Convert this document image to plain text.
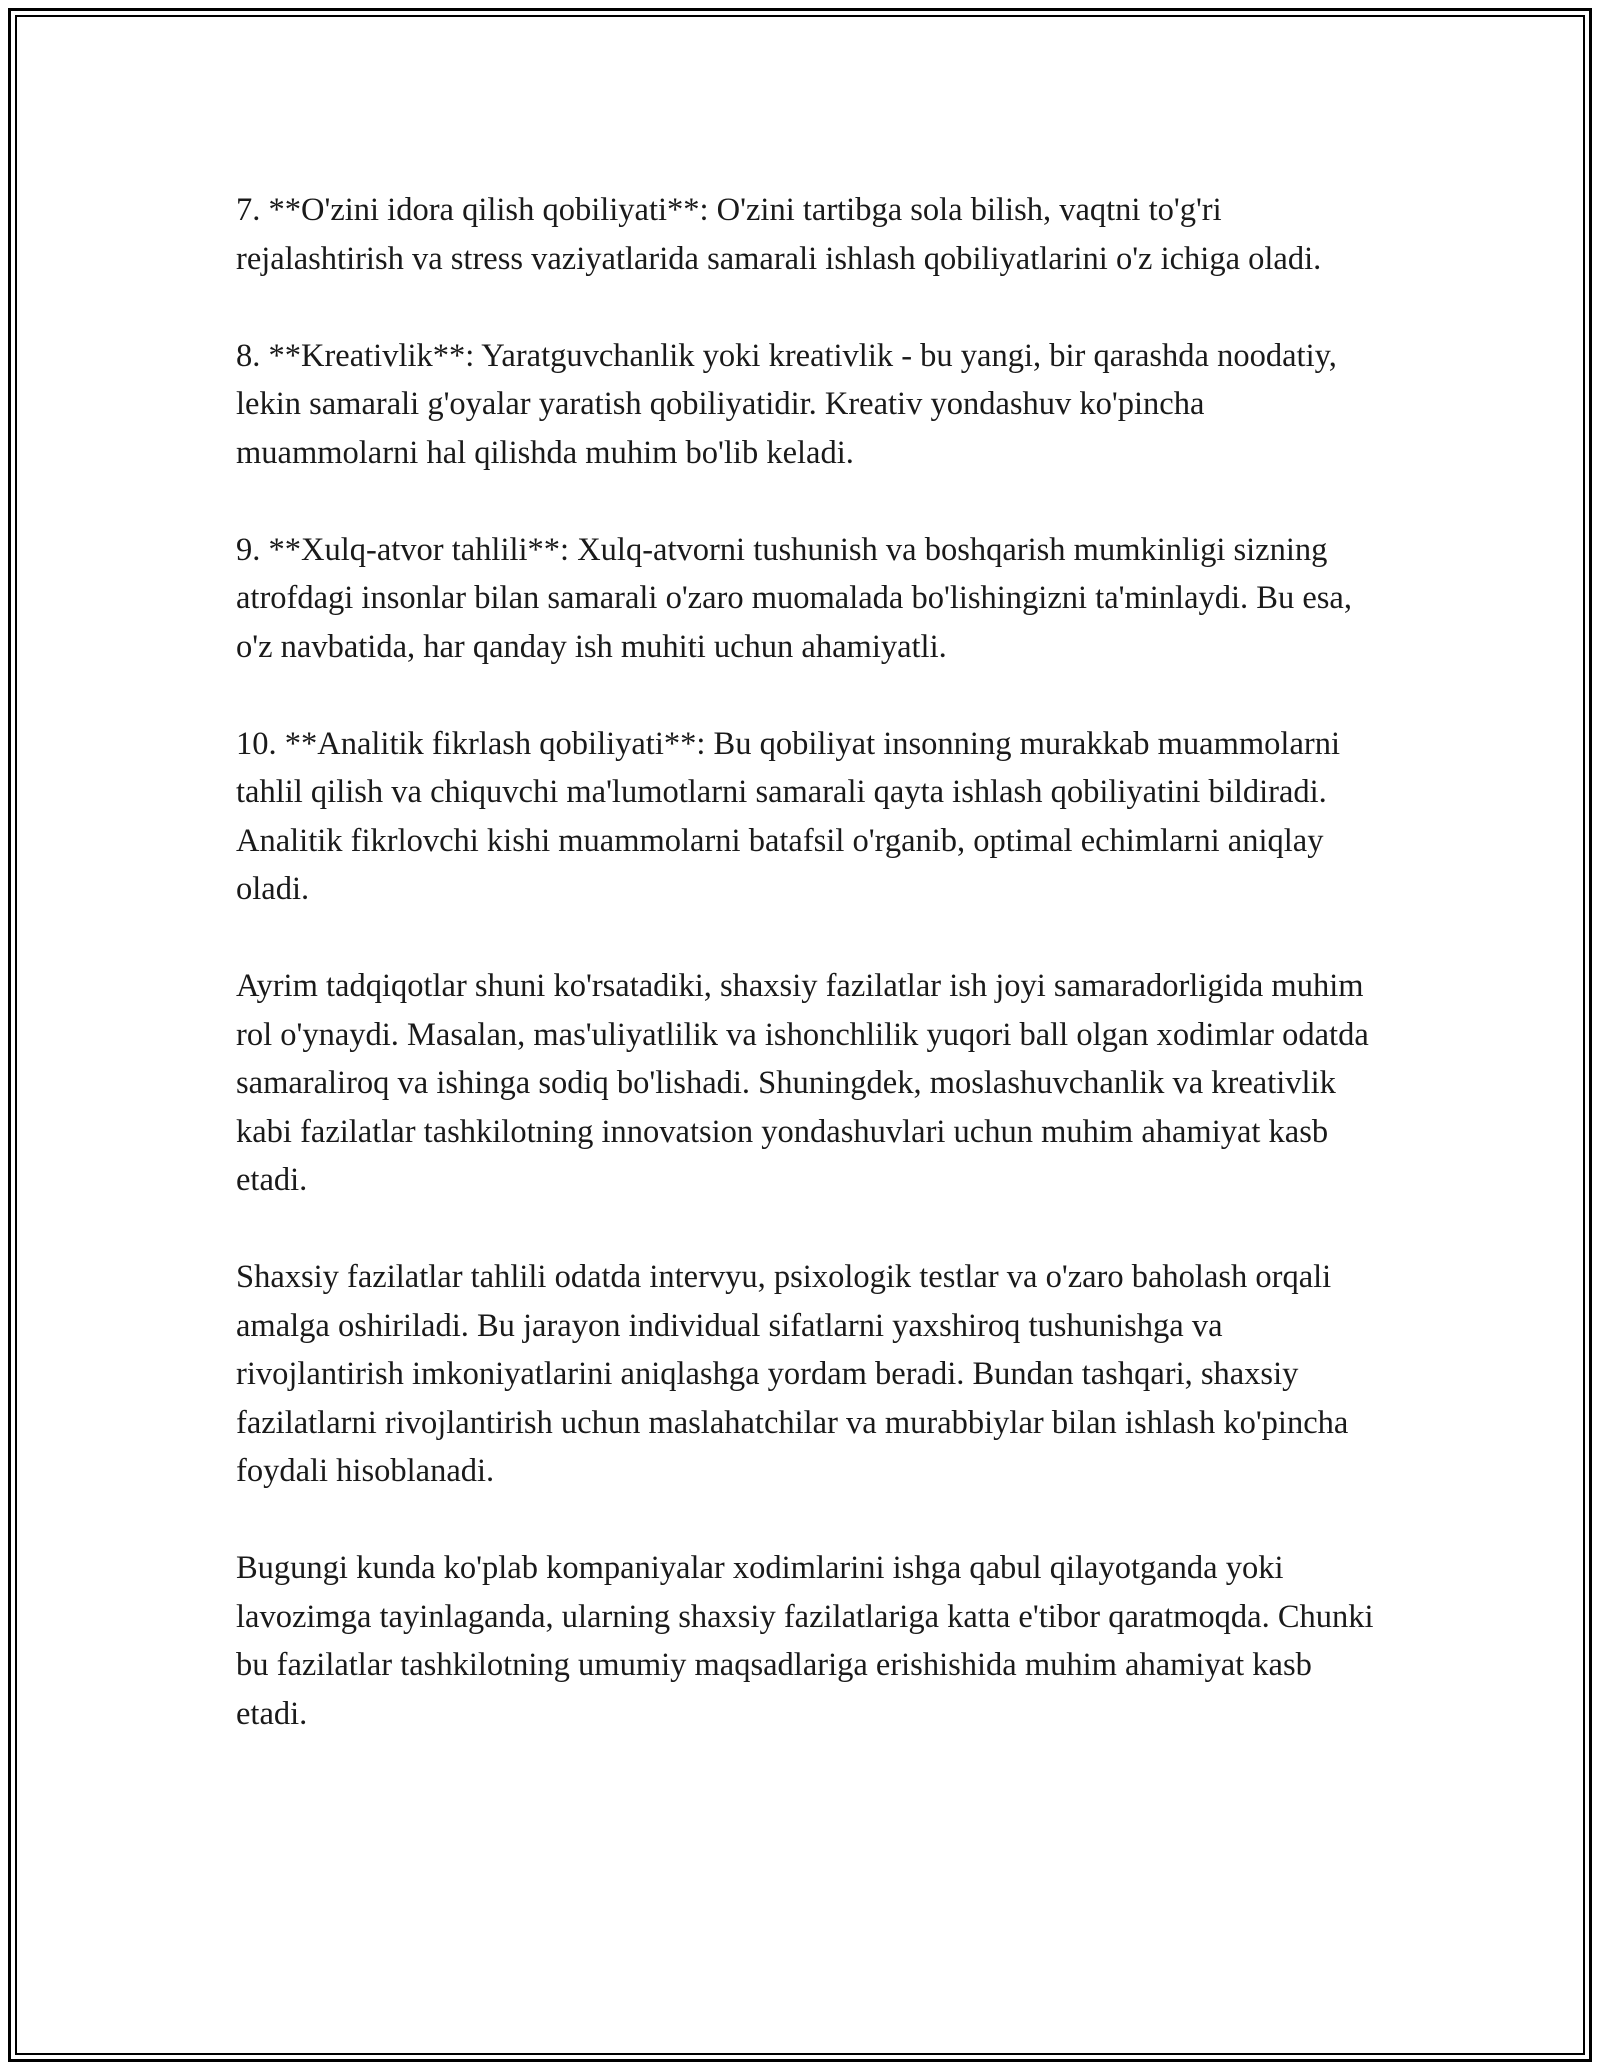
7. **O'zini idora qilish qobiliyati**: O'zini tartibga sola bilish, vaqtni to'g'ri rejalashtirish va stress vaziyatlarida samarali ishlash qobiliyatlarini o'z ichiga oladi.

8. **Kreativlik**: Yaratguvchanlik yoki kreativlik - bu yangi, bir qarashda noodatiy, lekin samarali g'oyalar yaratish qobiliyatidir. Kreativ yondashuv ko'pincha muammolarni hal qilishda muhim bo'lib keladi.

9. **Xulq-atvor tahlili**: Xulq-atvorni tushunish va boshqarish mumkinligi sizning atrofdagi insonlar bilan samarali o'zaro muomalada bo'lishingizni ta'minlaydi. Bu esa, o'z navbatida, har qanday ish muhiti uchun ahamiyatli.

10. **Analitik fikrlash qobiliyati**: Bu qobiliyat insonning murakkab muammolarni tahlil qilish va chiquvchi ma'lumotlarni samarali qayta ishlash qobiliyatini bildiradi. Analitik fikrlovchi kishi muammolarni batafsil o'rganib, optimal echimlarni aniqlay oladi.

Ayrim tadqiqotlar shuni ko'rsatadiki, shaxsiy fazilatlar ish joyi samaradorligida muhim rol o'ynaydi. Masalan, mas'uliyatlilik va ishonchlilik yuqori ball olgan xodimlar odatda samaraliroq va ishinga sodiq bo'lishadi. Shuningdek, moslashuvchanlik va kreativlik kabi fazilatlar tashkilotning innovatsion yondashuvlari uchun muhim ahamiyat kasb etadi.

Shaxsiy fazilatlar tahlili odatda intervyu, psixologik testlar va o'zaro baholash orqali amalga oshiriladi. Bu jarayon individual sifatlarni yaxshiroq tushunishga va rivojlantirish imkoniyatlarini aniqlashga yordam beradi. Bundan tashqari, shaxsiy fazilatlarni rivojlantirish uchun maslahatchilar va murabbiylar bilan ishlash ko'pincha foydali hisoblanadi.

Bugungi kunda ko'plab kompaniyalar xodimlarini ishga qabul qilayotganda yoki lavozimga tayinlaganda, ularning shaxsiy fazilatlariga katta e'tibor qaratmoqda. Chunki bu fazilatlar tashkilotning umumiy maqsadlariga erishishida muhim ahamiyat kasb etadi.
